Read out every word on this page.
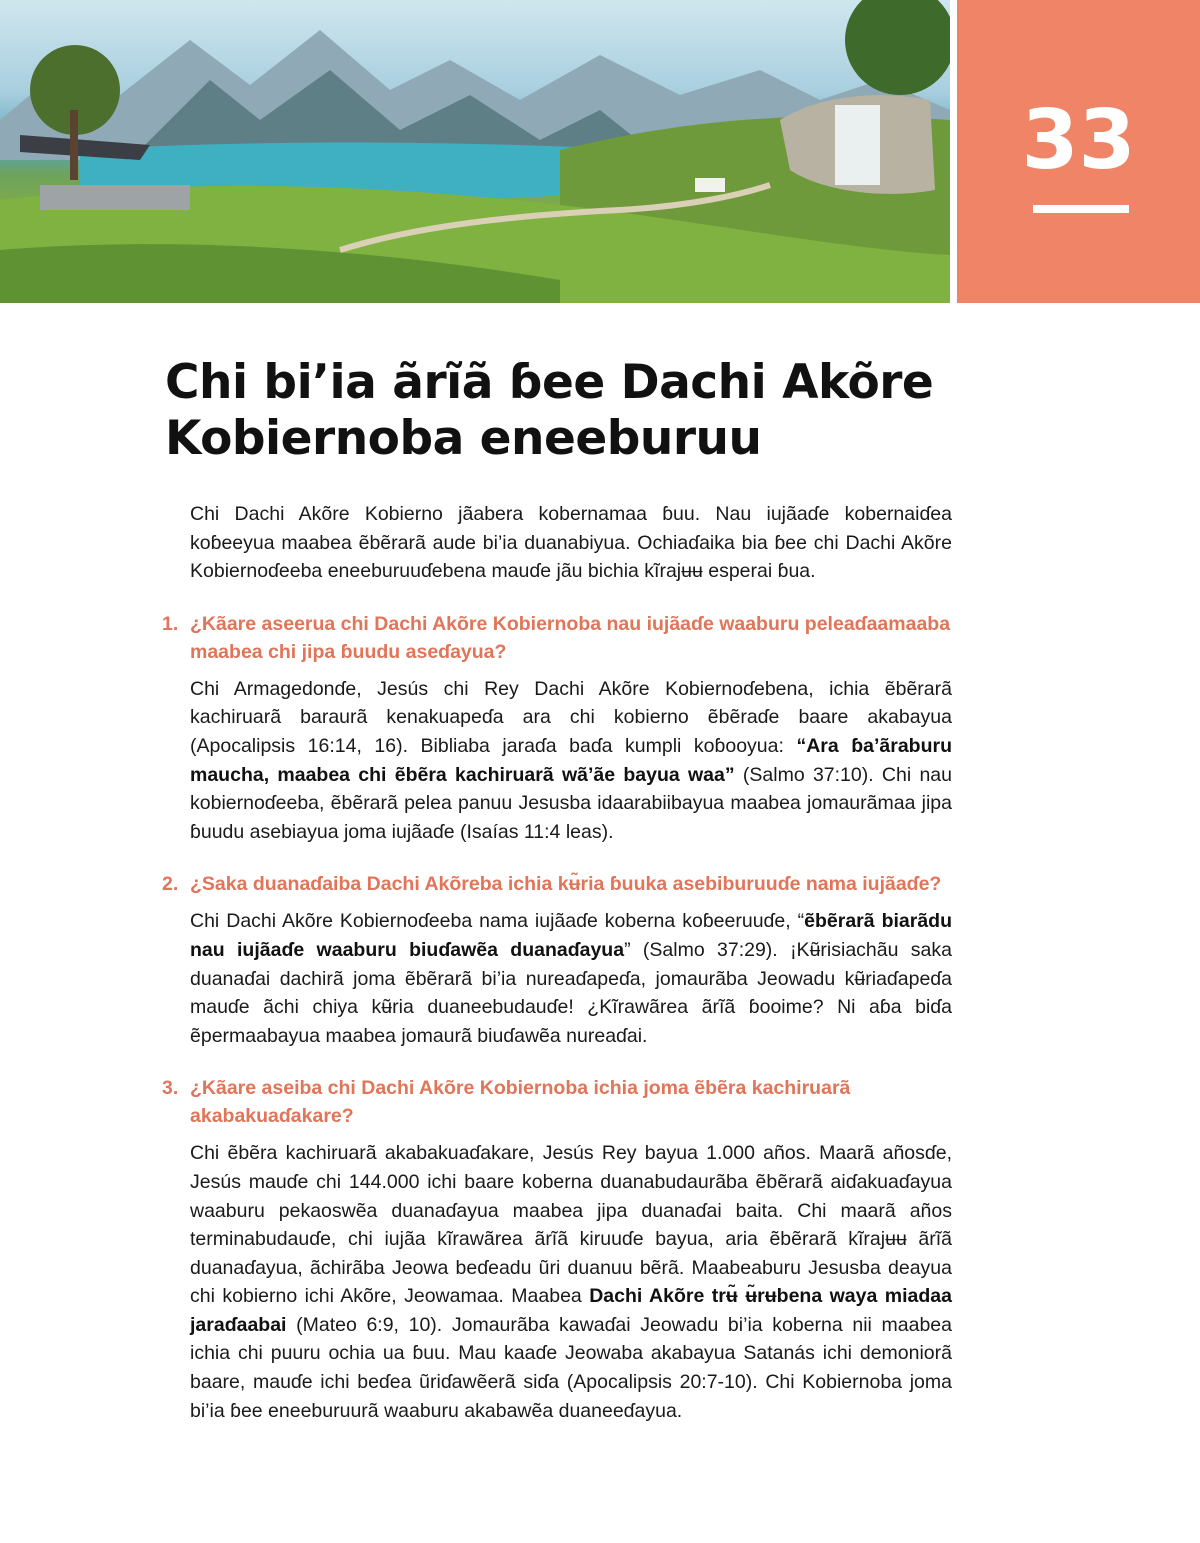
33
Chi bi’ia ãrĩã ɓee Dachi Akõre Kobiernoba eneeburuu

Chi Dachi Akõre Kobierno jãabera kobernamaa ɓuu. Nau iujãaɗe kobernaiɗea koɓeeyua maabea ẽbẽrarã aude bi’ia duanabiyua. Ochiaɗaika bia ɓee chi Dachi Akõre Kobiernoɗeeba eneeburuuɗebena mauɗe jãu bichia kĩrajʉʉ esperai ɓua.

1. ¿Kãare aseerua chi Dachi Akõre Kobiernoba nau iujãaɗe waaburu peleaɗaamaaba maabea chi jipa ɓuudu aseɗayua?

Chi Armagedonɗe, Jesús chi Rey Dachi Akõre Kobiernoɗebena, ichia ẽbẽrarã kachiruarã baraurã kenakuapeɗa ara chi kobierno ẽbẽraɗe baare akabayua (Apocalipsis 16:14, 16). Bibliaba jaraɗa baɗa kumpli koɓooyua: “Ara ɓa’ãraburu maucha, maabea chi ẽbẽra kachiruarã wã’ãe bayua waa” (Salmo 37:10). Chi nau kobiernoɗeeba, ẽbẽrarã pelea panuu Jesusba idaarabiibayua maabea jomaurãmaa jipa ɓuudu asebiayua joma iujãaɗe (Isaías 11:4 leas).

2. ¿Saka duanaɗaiba Dachi Akõreba ichia kʉ̃ria ɓuuka asebiburuuɗe nama iujãaɗe?

Chi Dachi Akõre Kobiernoɗeeba nama iujãaɗe koberna koɓeeruuɗe, “ẽbẽrarã biarãdu nau iujãaɗe waaburu biuɗawẽa duanaɗayua” (Salmo 37:29). ¡Kʉ̃risiachãu saka duanaɗai dachirã joma ẽbẽrarã bi’ia nureaɗapeɗa, jomaurãba Jeowadu kʉ̃riaɗapeɗa mauɗe ãchi chiya kʉ̃ria duaneebudauɗe! ¿Kĩrawãrea ãrĩã ɓooime? Ni aɓa biɗa ẽpermaabayua maabea jomaurã biuɗawẽa nureaɗai.

3. ¿Kãare aseiba chi Dachi Akõre Kobiernoba ichia joma ẽbẽra kachiruarã akabakuaɗakare?

Chi ẽbẽra kachiruarã akabakuaɗakare, Jesús Rey bayua 1.000 años. Maarã añosɗe, Jesús mauɗe chi 144.000 ichi baare koberna duanabudaurãba ẽbẽrarã aiɗakuaɗayua waaburu pekaoswẽa duanaɗayua maabea jipa duanaɗai baita. Chi maarã años terminabudauɗe, chi iujãa kĩrawãrea ãrĩã kiruuɗe bayua, aria ẽbẽrarã kĩrajʉʉ ãrĩã duanaɗayua, ãchirãba Jeowa beɗeadu ũri duanuu bẽrã. Maabeaburu Jesusba deayua chi kobierno ichi Akõre, Jeowamaa. Maabea Dachi Akõre trʉ̃ ʉ̃rʉbena waya miadaa jaraɗaabai (Mateo 6:9, 10). Jomaurãba kawaɗai Jeowadu bi’ia koberna nii maabea ichia chi puuru ochia ua ɓuu. Mau kaaɗe Jeowaba akabayua Satanás ichi demoniorã baare, mauɗe ichi beɗea ũriɗawẽerã siɗa (Apocalipsis 20:7-10). Chi Kobiernoba joma bi’ia ɓee eneeburuurã waaburu akabawẽa duaneeɗayua.
